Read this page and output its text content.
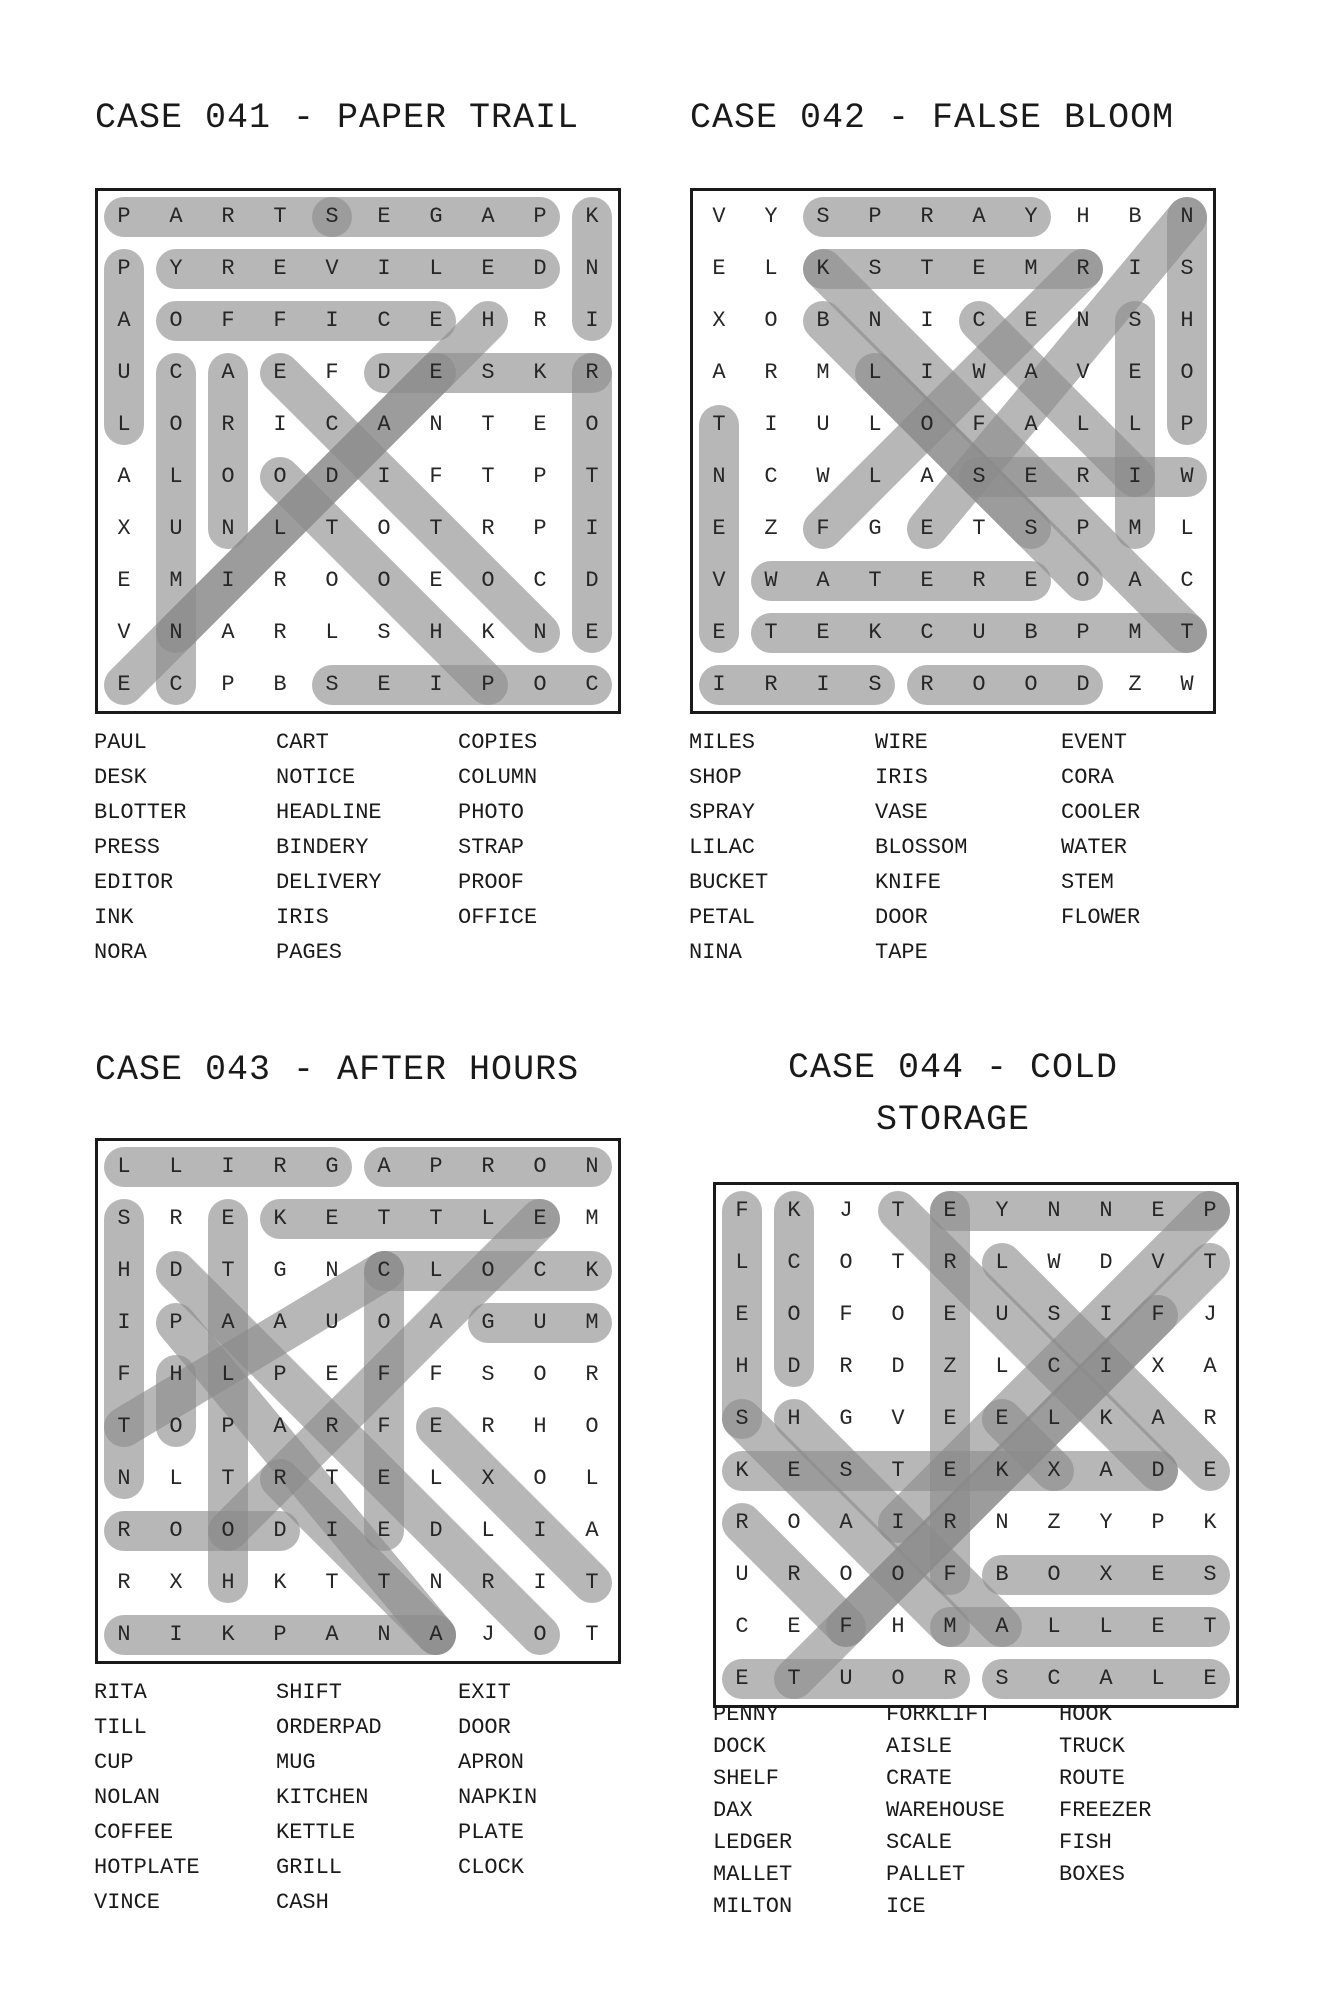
CASE 041 - PAPER TRAIL
P	A	R	T	S	E	G	A	P	K
P	Y	R	E	V	I	L	E	D	N
A	O	F	F	I	C	E	H	R	I
U	C	A	E	F	D	E	S	K	R
L	O	R	I	C	A	N	T	E	O
A	L	O	O	D	I	F	T	P	T
X	U	N	L	T	O	T	R	P	I
E	M	I	R	O	O	E	O	C	D
V	N	A	R	L	S	H	K	N	E
E	C	P	B	S	E	I	P	O	C
PAUL
DESK
BLOTTER
PRESS
EDITOR
INK
NORA
CART
NOTICE
HEADLINE
BINDERY
DELIVERY
IRIS
PAGES
COPIES
COLUMN
PHOTO
STRAP
PROOF
OFFICE
CASE 042 - FALSE BLOOM
V	Y	S	P	R	A	Y	H	B	N
E	L	K	S	T	E	M	R	I	S
X	O	B	N	I	C	E	N	S	H
A	R	M	L	I	W	A	V	E	O
T	I	U	L	O	F	A	L	L	P
N	C	W	L	A	S	E	R	I	W
E	Z	F	G	E	T	S	P	M	L
V	W	A	T	E	R	E	O	A	C
E	T	E	K	C	U	B	P	M	T
I	R	I	S	R	O	O	D	Z	W
MILES
SHOP
SPRAY
LILAC
BUCKET
PETAL
NINA
WIRE
IRIS
VASE
BLOSSOM
KNIFE
DOOR
TAPE
EVENT
CORA
COOLER
WATER
STEM
FLOWER
CASE 043 - AFTER HOURS
L	L	I	R	G	A	P	R	O	N
S	R	E	K	E	T	T	L	E	M
H	D	T	G	N	C	L	O	C	K
I	P	A	A	U	O	A	G	U	M
F	H	L	P	E	F	F	S	O	R
T	O	P	A	R	F	E	R	H	O
N	L	T	R	T	E	L	X	O	L
R	O	O	D	I	E	D	L	I	A
R	X	H	K	T	T	N	R	I	T
N	I	K	P	A	N	A	J	O	T
RITA
TILL
CUP
NOLAN
COFFEE
HOTPLATE
VINCE
SHIFT
ORDERPAD
MUG
KITCHEN
KETTLE
GRILL
CASH
EXIT
DOOR
APRON
NAPKIN
PLATE
CLOCK
CASE 044 - COLD STORAGE
F	K	J	T	E	Y	N	N	E	P
L	C	O	T	R	L	W	D	V	T
E	O	F	O	E	U	S	I	F	J
H	D	R	D	Z	L	C	I	X	A
S	H	G	V	E	E	L	K	A	R
K	E	S	T	E	K	X	A	D	E
R	O	A	I	R	N	Z	Y	P	K
U	R	O	O	F	B	O	X	E	S
C	E	F	H	M	A	L	L	E	T
E	T	U	O	R	S	C	A	L	E
PENNY
DOCK
SHELF
DAX
LEDGER
MALLET
MILTON
FORKLIFT
AISLE
CRATE
WAREHOUSE
SCALE
PALLET
ICE
HOOK
TRUCK
ROUTE
FREEZER
FISH
BOXES
